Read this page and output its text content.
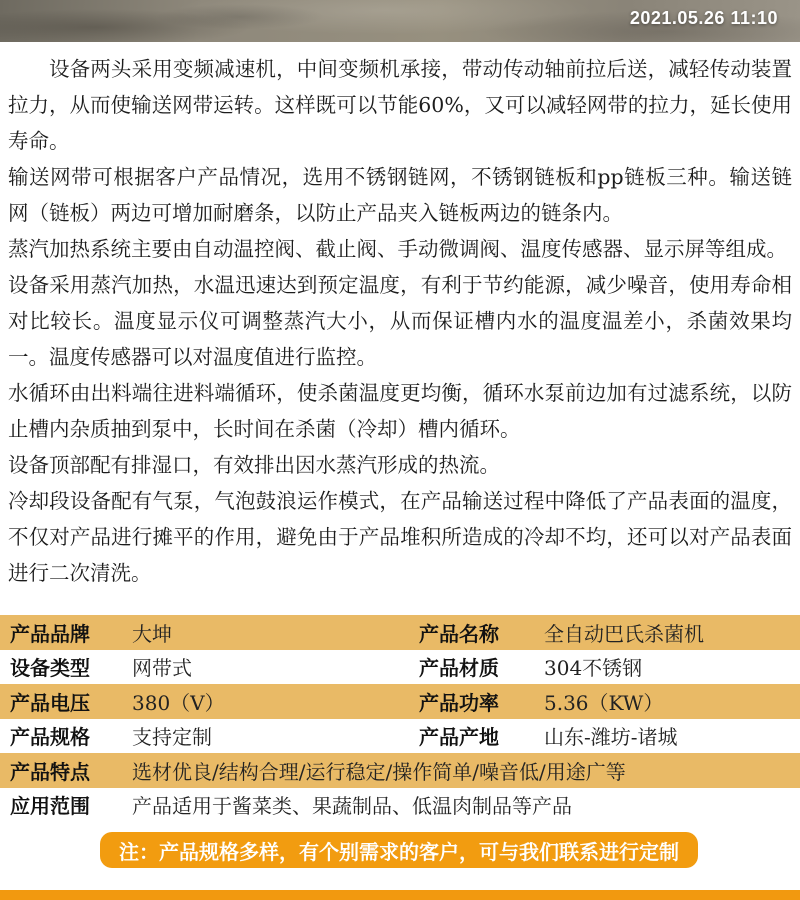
2021.05.26 11:10

设备两头采用变频减速机，中间变频机承接，带动传动轴前拉后送，减轻传动装置拉力，从而使输送网带运转。这样既可以节能60%，又可以减轻网带的拉力，延长使用寿命。

输送网带可根据客户产品情况，选用不锈钢链网，不锈钢链板和pp链板三种。输送链网（链板）两边可增加耐磨条，以防止产品夹入链板两边的链条内。

蒸汽加热系统主要由自动温控阀、截止阀、手动微调阀、温度传感器、显示屏等组成。

设备采用蒸汽加热，水温迅速达到预定温度，有利于节约能源，减少噪音，使用寿命相对比较长。温度显示仪可调整蒸汽大小，从而保证槽内水的温度温差小，杀菌效果均一。温度传感器可以对温度值进行监控。

水循环由出料端往进料端循环，使杀菌温度更均衡，循环水泵前边加有过滤系统，以防止槽内杂质抽到泵中，长时间在杀菌（冷却）槽内循环。

设备顶部配有排湿口，有效排出因水蒸汽形成的热流。

冷却段设备配有气泵，气泡鼓浪运作模式，在产品输送过程中降低了产品表面的温度，不仅对产品进行摊平的作用，避免由于产品堆积所造成的冷却不均，还可以对产品表面进行二次清洗。

产品品牌	大坤	产品名称	全自动巴氏杀菌机
设备类型	网带式	产品材质	304不锈钢
产品电压	380（V）	产品功率	5.36（KW）
产品规格	支持定制	产品产地	山东-潍坊-诸城
产品特点	选材优良/结构合理/运行稳定/操作简单/噪音低/用途广等
应用范围	产品适用于酱菜类、果蔬制品、低温肉制品等产品
注：产品规格多样，有个别需求的客户，可与我们联系进行定制
